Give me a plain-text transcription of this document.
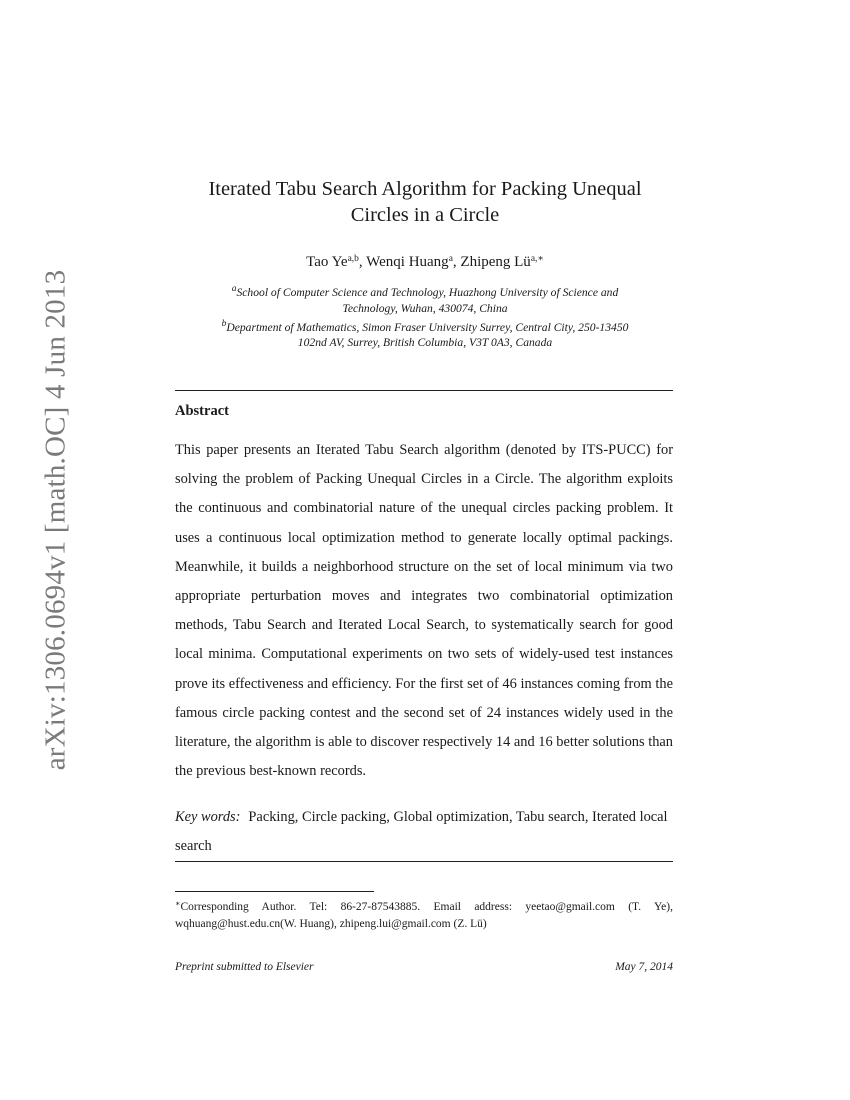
arXiv:1306.0694v1 [math.OC] 4 Jun 2013
Iterated Tabu Search Algorithm for Packing Unequal
Circles in a Circle
Tao Ye$^{a,b}$, Wenqi Huang$^a$, Zhipeng $Lü^{a,∗}$
$^a$School of Computer Science and Technology, Huazhong University of Science and
Technology, Wuhan, 430074, China
$^b$Department of Mathematics, Simon Fraser University Surrey, Central City, 250-13450
102nd AV, Surrey, British Columbia, V3T 0A3, Canada
Abstract
This paper presents an Iterated Tabu Search algorithm (denoted by ITS-PUCC) for solving the problem of Packing Unequal Circles in a Circle. The algorithm exploits the continuous and combinatorial nature of the unequal circles packing problem. It uses a continuous local optimization method to generate locally optimal packings. Meanwhile, it builds a neighborhood structure on the set of local minimum via two appropriate perturbation moves and integrates two combinatorial optimization methods, Tabu Search and Iterated Local Search, to systematically search for good local minima. Computational experiments on two sets of widely-used test instances prove its effectiveness and efficiency. For the first set of 46 instances coming from the famous circle packing contest and the second set of 24 instances widely used in the literature, the algorithm is able to discover respectively 14 and 16 better solutions than the previous best-known records.
Key words: Packing, Circle packing, Global optimization, Tabu search, Iterated local search
∗Corresponding Author. Tel: 86-27-87543885. Email address: yeetao@gmail.com (T. Ye), wqhuang@hust.edu.cn(W. Huang), zhipeng.lui@gmail.com (Z. Lü)
Preprint submitted to Elsevier	May 7, 2014
